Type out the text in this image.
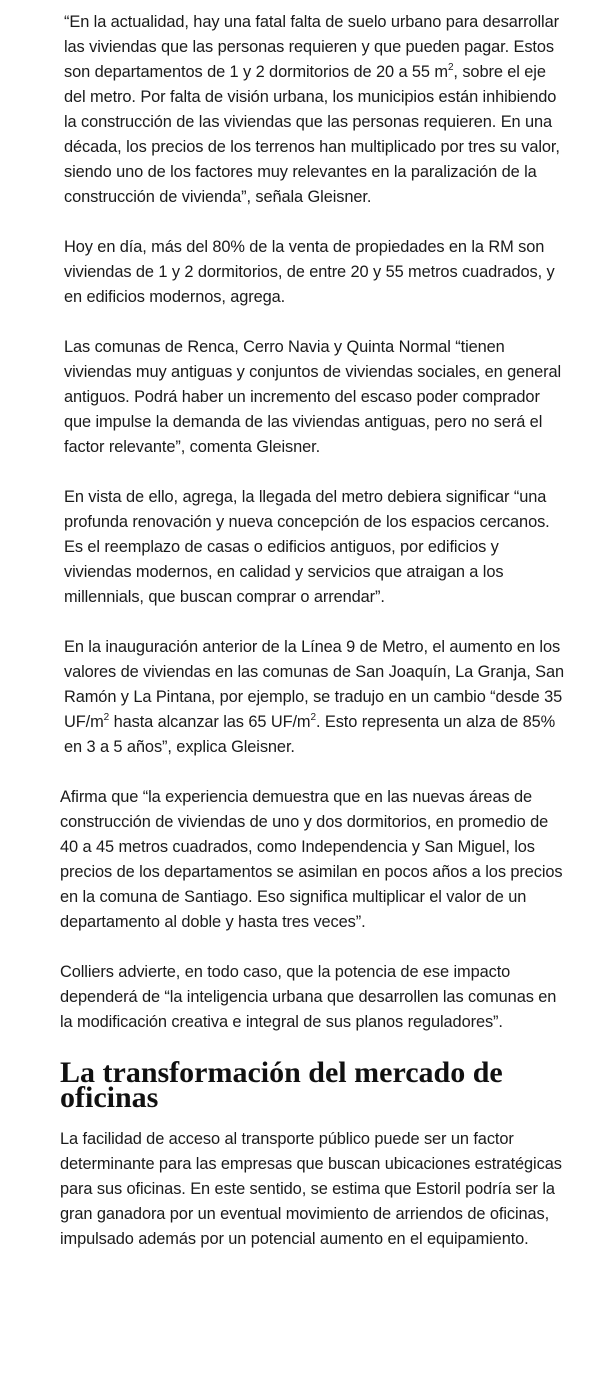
“En la actualidad, hay una fatal falta de suelo urbano para desarrollar las viviendas que las personas requieren y que pueden pagar. Estos son departamentos de 1 y 2 dormitorios de 20 a 55 $m^2$, sobre el eje del metro. Por falta de visión urbana, los municipios están inhibiendo la construcción de las viviendas que las personas requieren. En una década, los precios de los terrenos han multiplicado por tres su valor, siendo uno de los factores muy relevantes en la paralización de la construcción de vivienda”, señala Gleisner.

Hoy en día, más del 80% de la venta de propiedades en la RM son viviendas de 1 y 2 dormitorios, de entre 20 y 55 metros cuadrados, y en edificios modernos, agrega.

Las comunas de Renca, Cerro Navia y Quinta Normal “tienen viviendas muy antiguas y conjuntos de viviendas sociales, en general antiguos. Podrá haber un incremento del escaso poder comprador que impulse la demanda de las viviendas antiguas, pero no será el factor relevante”, comenta Gleisner.

En vista de ello, agrega, la llegada del metro debiera significar “una profunda renovación y nueva concepción de los espacios cercanos. Es el reemplazo de casas o edificios antiguos, por edificios y viviendas modernos, en calidad y servicios que atraigan a los millennials, que buscan comprar o arrendar”.

En la inauguración anterior de la Línea 9 de Metro, el aumento en los valores de viviendas en las comunas de San Joaquín, La Granja, San Ramón y La Pintana, por ejemplo, se tradujo en un cambio “desde 35 $UF/m^2$ hasta alcanzar las 65 $UF/m^2$. Esto representa un alza de 85% en 3 a 5 años”, explica Gleisner.

Afirma que “la experiencia demuestra que en las nuevas áreas de construcción de viviendas de uno y dos dormitorios, en promedio de 40 a 45 metros cuadrados, como Independencia y San Miguel, los precios de los departamentos se asimilan en pocos años a los precios en la comuna de Santiago. Eso significa multiplicar el valor de un departamento al doble y hasta tres veces”.

Colliers advierte, en todo caso, que la potencia de ese impacto dependerá de “la inteligencia urbana que desarrollen las comunas en la modificación creativa e integral de sus planos reguladores”.

La transformación del mercado de oficinas

La facilidad de acceso al transporte público puede ser un factor determinante para las empresas que buscan ubicaciones estratégicas para sus oficinas. En este sentido, se estima que Estoril podría ser la gran ganadora por un eventual movimiento de arriendos de oficinas, impulsado además por un potencial aumento en el equipamiento.
